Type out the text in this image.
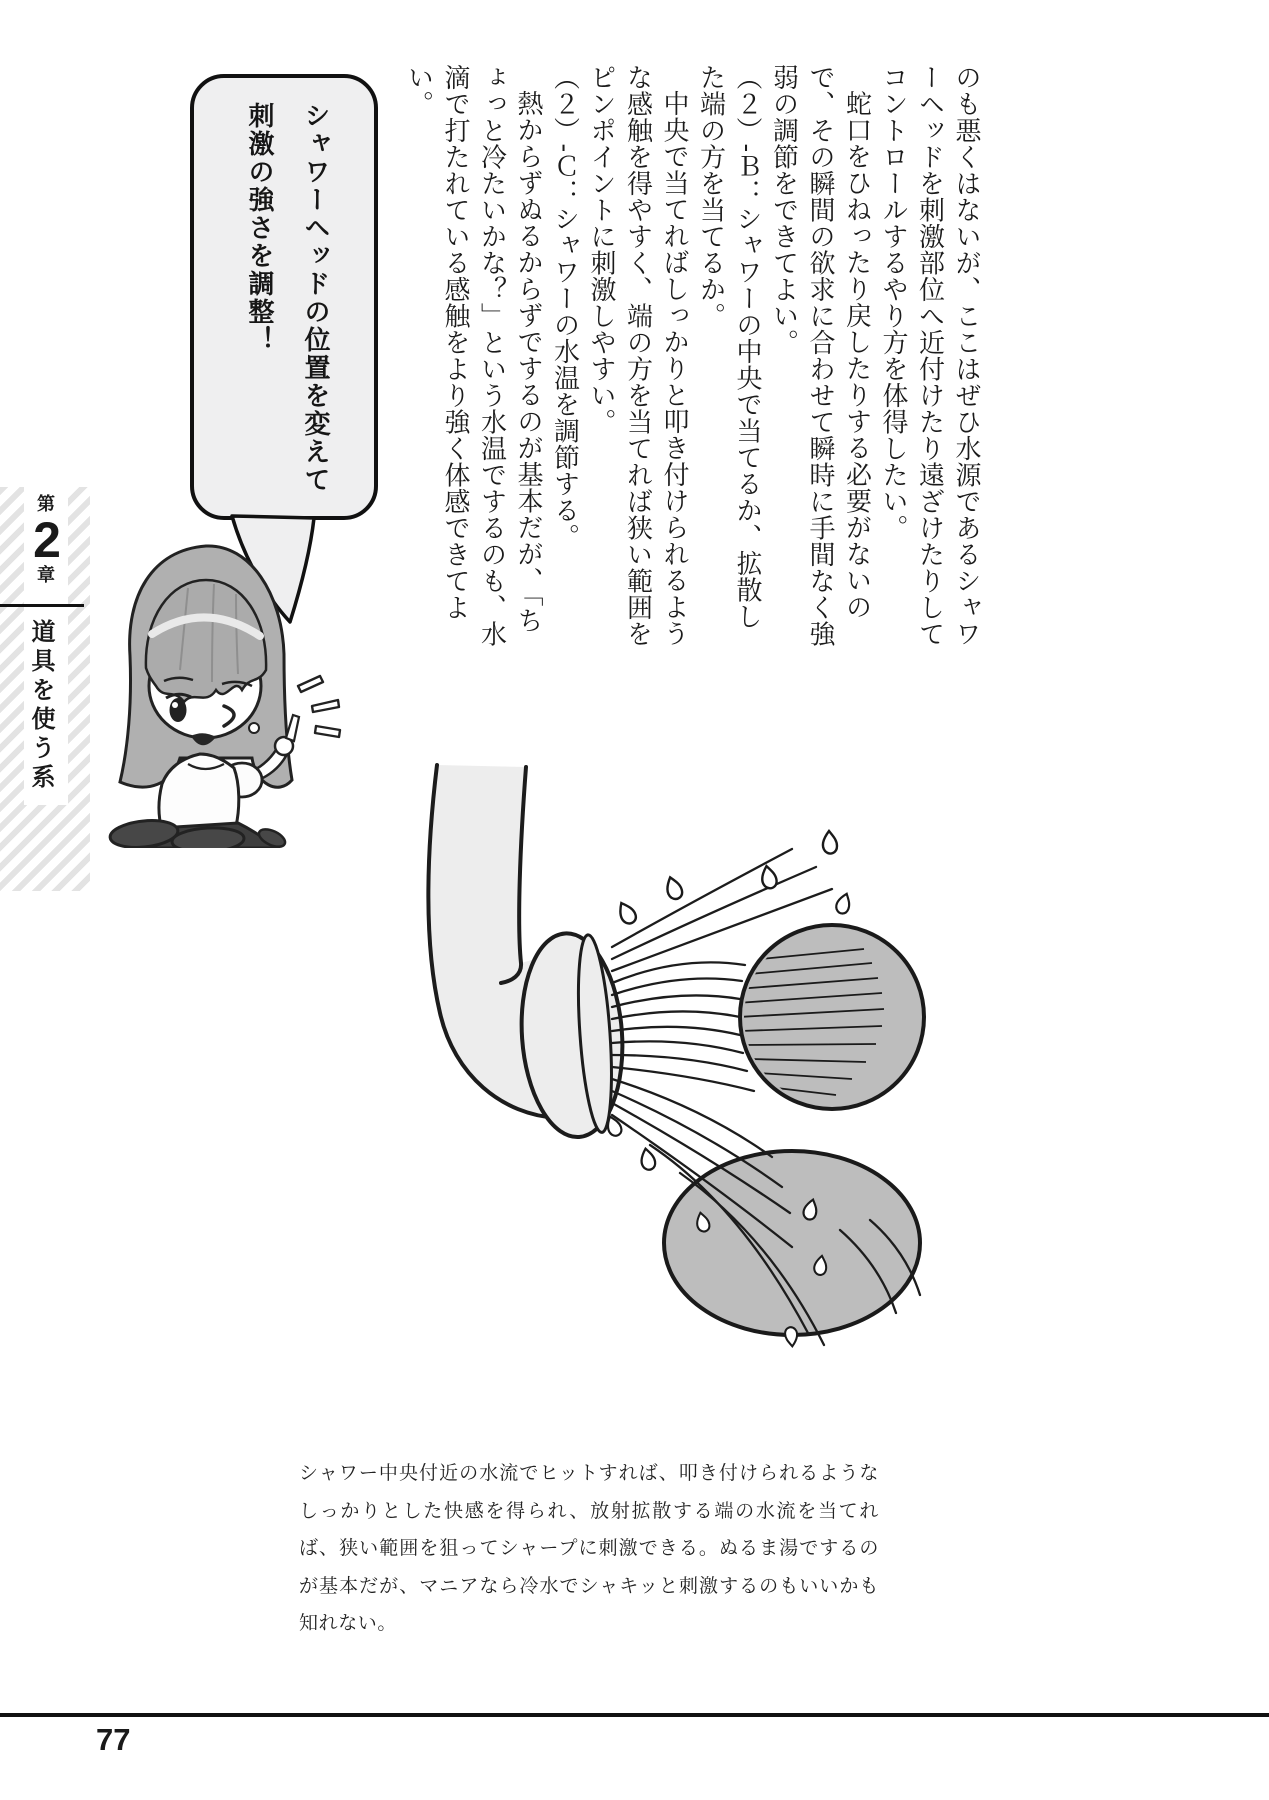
第
2
章
道具を使う系

シャワーヘッドの位置を変えて

刺激の強さを調整！	のも悪くはないが、ここはぜひ水源であるシャワーヘッドを刺激部位へ近付けたり遠ざけたりしてコントロールするやり方を体得したい。

蛇口をひねったり戻したりする必要がないので、その瞬間の欲求に合わせて瞬時に手間なく強弱の調節をできてよい。

（２）-Ｂ：シャワーの中央で当てるか、拡散した端の方を当てるか。

中央で当てればしっかりと叩き付けられるような感触を得やすく、端の方を当てれば狭い範囲をピンポイントに刺激しやすい。

（２）-Ｃ：シャワーの水温を調節する。

熱からずぬるからずでするのが基本だが、「ちょっと冷たいかな？」という水温でするのも、水滴で打たれている感触をより強く体感できてよい。

シャワー中央付近の水流でヒットすれば、叩き付けられるようなしっかりとした快感を得られ、放射拡散する端の水流を当てれば、狭い範囲を狙ってシャープに刺激できる。ぬるま湯でするのが基本だが、マニアなら冷水でシャキッと刺激するのもいいかも知れない。

77
